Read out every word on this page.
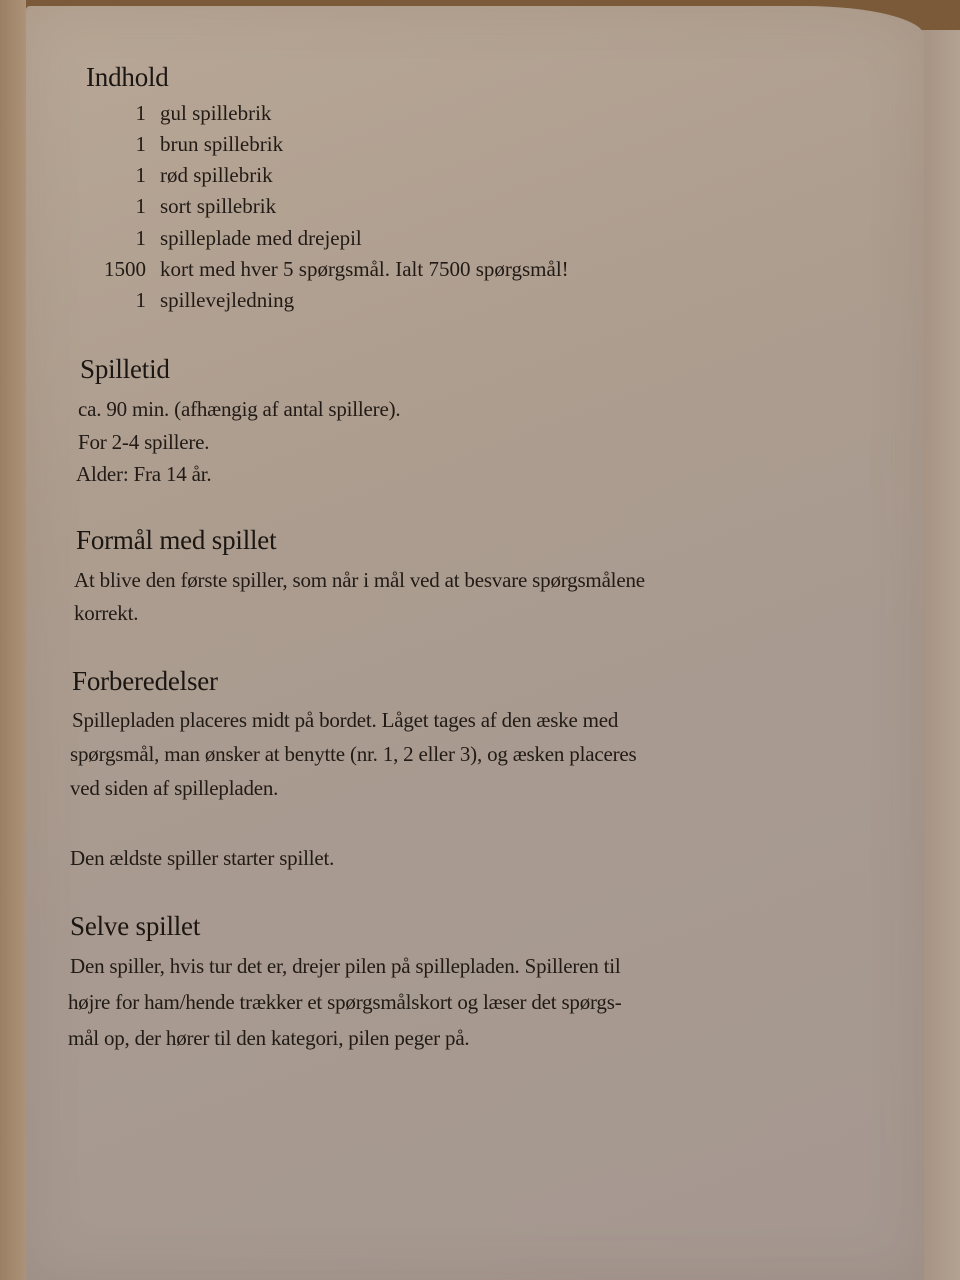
Indhold
1 gul spillebrik
1 brun spillebrik
1 rød spillebrik
1 sort spillebrik
1 spilleplade med drejepil
1500 kort med hver 5 spørgsmål. Ialt 7500 spørgsmål!
1 spillevejledning
Spilletid
ca. 90 min. (afhængig af antal spillere).
For 2-4 spillere.
Alder: Fra 14 år.
Formål med spillet
At blive den første spiller, som når i mål ved at besvare spørgsmålene
korrekt.
Forberedelser
Spillepladen placeres midt på bordet. Låget tages af den æske med
spørgsmål, man ønsker at benytte (nr. 1, 2 eller 3), og æsken placeres
ved siden af spillepladen.
Den ældste spiller starter spillet.
Selve spillet
Den spiller, hvis tur det er, drejer pilen på spillepladen. Spilleren til
højre for ham/hende trækker et spørgsmålskort og læser det spørgs-
mål op, der hører til den kategori, pilen peger på.
